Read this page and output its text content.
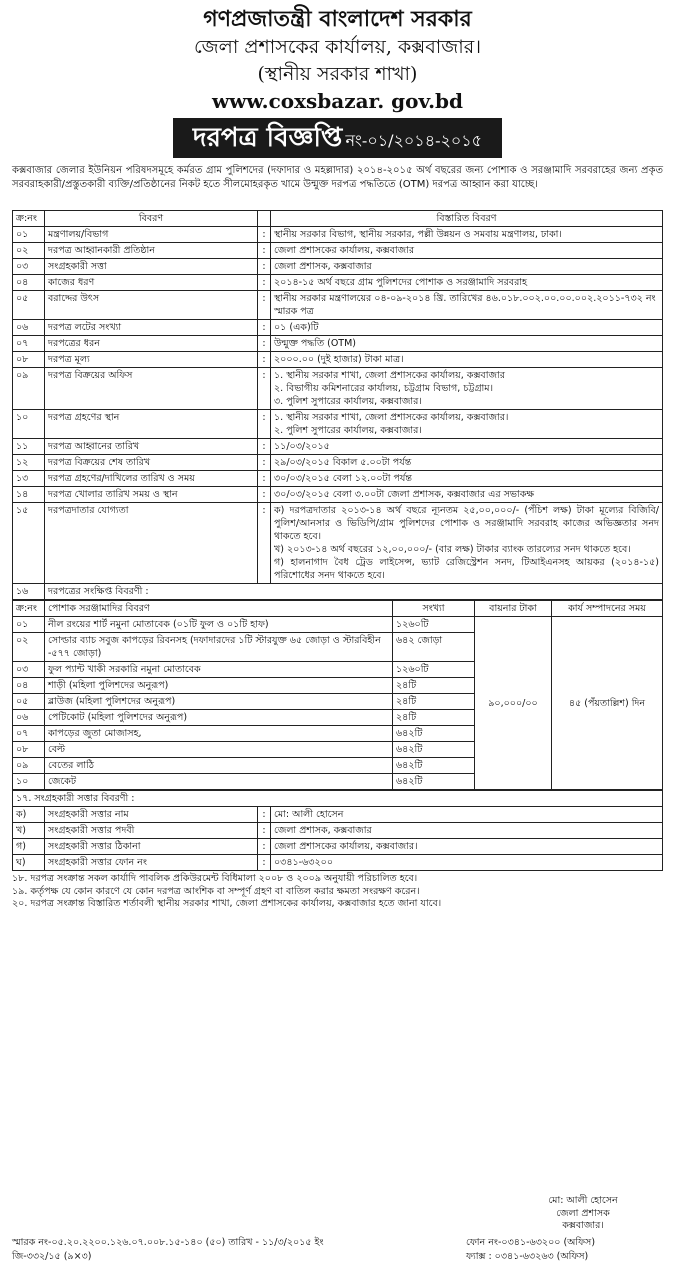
গণপ্রজাতন্ত্রী বাংলাদেশ সরকার
জেলা প্রশাসকের কার্যালয়, কক্সবাজার।
(স্থানীয় সরকার শাখা)
www.coxsbazar. gov.bd
দরপত্র বিজ্ঞপ্তি নং-০১/২০১৪-২০১৫
কক্সবাজার জেলার ইউনিয়ন পরিষদসমূহে কর্মরত গ্রাম পুলিশদের (দফাদার ও মহল্লাদার) ২০১৪-২০১৫ অর্থ বছরের জন্য পোশাক ও সরঞ্জামাদি সরবরাহের জন্য প্রকৃত সরবরাহকারী/প্রস্তুতকারী ব্যক্তি/প্রতিষ্ঠানের নিকট হতে সীলমোহরকৃত খামে উন্মুক্ত দরপত্র পদ্ধতিতে (OTM) দরপত্র আহ্বান করা যাচ্ছে।
ক্র:নং	বিবরণ		বিস্তারিত বিবরণ
০১	মন্ত্রণালয়/বিভাগ	:	স্থানীয় সরকার বিভাগ, স্থানীয় সরকার, পল্লী উন্নয়ন ও সমবায় মন্ত্রণালয়, ঢাকা।
০২	দরপত্র আহ্বানকারী প্রতিষ্ঠান	:	জেলা প্রশাসকের কার্যালয়, কক্সবাজার
০৩	সংগ্রহকারী সত্তা	:	জেলা প্রশাসক, কক্সবাজার
০৪	কাজের ধরণ	:	২০১৪-১৫ অর্থ বছরে গ্রাম পুলিশদের পোশাক ও সরঞ্জামাদি সরবরাহ
০৫	বরাদ্দের উৎস	:	স্থানীয় সরকার মন্ত্রণালয়ের ০৪-০৯-২০১৪ খ্রি. তারিখের ৪৬.০১৮.০০২.০০.০০.০০২.২০১১-৭৩২ নং স্মারক পত্র
০৬	দরপত্র লটের সংখ্যা	:	০১ (এক)টি
০৭	দরপত্রের ধরন	:	উন্মুক্ত পদ্ধতি (OTM)
০৮	দরপত্র মূল্য	:	২০০০.০০ (দুই হাজার) টাকা মাত্র।
০৯	দরপত্র বিক্রয়ের অফিস	:	১. স্থানীয় সরকার শাখা, জেলা প্রশাসকের কার্যালয়, কক্সবাজার
২. বিভাগীয় কমিশনারের কার্যালয়, চট্টগ্রাম বিভাগ, চট্টগ্রাম।
৩. পুলিশ সুপারের কার্যালয়, কক্সবাজার।

১০	দরপত্র গ্রহণের স্থান	:	১. স্থানীয় সরকার শাখা, জেলা প্রশাসকের কার্যালয়, কক্সবাজার।
২. পুলিশ সুপারের কার্যালয়, কক্সবাজার।

১১	দরপত্র আহ্বানের তারিখ	:	১১/০৩/২০১৫
১২	দরপত্র বিক্রয়ের শেষ তারিখ	:	২৯/০৩/২০১৫ বিকাল ৫.০০টা পর্যন্ত
১৩	দরপত্র গ্রহণের/দাখিলের তারিখ ও সময়	:	৩০/০৩/২০১৫ বেলা ১২.০০টা পর্যন্ত
১৪	দরপত্র খোলার তারিখ সময় ও স্থান	:	৩০/০৩/২০১৫ বেলা ৩.০০টা জেলা প্রশাসক, কক্সবাজার এর সভাকক্ষ
১৫	দরপত্রদাতার যোগ্যতা	:	ক) দরপত্রদাতার ২০১৩-১৪ অর্থ বছরে ন্যূনতম ২৫,০০,০০০/- (পঁচিশ লক্ষ) টাকা মূল্যের বিজিবি/পুলিশ/আনসার ও ভিডিপি/গ্রাম পুলিশদের পোশাক ও সরঞ্জামাদি সরবরাহ কাজের অভিজ্ঞতার সনদ থাকতে হবে।
খ) ২০১৩-১৪ অর্থ বছরের ১২,০০,০০০/- (বার লক্ষ) টাকার ব্যাংক তারল্যের সনদ থাকতে হবে।
গ) হালনাগাদ বৈধ ট্রেড লাইসেন্স, ভ্যাট রেজিস্ট্রেশন সনদ, টিআইএনসহ আয়কর (২০১৪-১৫) পরিশোধের সনদ থাকতে হবে।

১৬	দরপত্রের সংক্ষিপ্ত বিবরণী :		
ক্র:নং	পোশাক সরঞ্জামাদির বিবরণ	সংখ্যা	বায়নার টাকা	কার্য সম্পাদনের সময়
০১	নীল রংয়ের শার্ট নমুনা মোতাবেক (০১টি ফুল ও ০১টি হাফ)	১২৬০টি	৯০,০০০/০০	৪৫ (পঁয়তাল্লিশ) দিন
০২	সোল্ডার ব্যাচ সবুজ কাপড়ের রিবনসহ (দফাদারদের ১টি স্টারযুক্ত ৬৫ জোড়া ও স্টারবিহীন -৫৭৭ জোড়া)	৬৪২ জোড়া		
০৩	ফুল প্যান্ট খাকী সরকারি নমুনা মোতাবেক	১২৬০টি		
০৪	শাড়ী (মহিলা পুলিশদের অনুরূপ)	২৪টি		
০৫	ব্লাউজ (মহিলা পুলিশদের অনুরূপ)	২৪টি		
০৬	পেটিকোট (মহিলা পুলিশদের অনুরূপ)	২৪টি		
০৭	কাপড়ের জুতা মোজাসহ,	৬৪২টি		
০৮	বেল্ট	৬৪২টি		
০৯	বেতের লাঠি	৬৪২টি		
১০	জেকেট	৬৪২টি		
১৭. সংগ্রহকারী সত্তার বিবরণী :			
ক)	সংগ্রহকারী সত্তার নাম	:	মো: আলী হোসেন
খ)	সংগ্রহকারী সত্তার পদবী	:	জেলা প্রশাসক, কক্সবাজার
গ)	সংগ্রহকারী সত্তার ঠিকানা	:	জেলা প্রশাসকের কার্যালয়, কক্সবাজার।
ঘ)	সংগ্রহকারী সত্তার ফোন নং	:	০৩৪১-৬৩২০০
১৮. দরপত্র সংক্রান্ত সকল কার্যাদি পাবলিক প্রকিউরমেন্ট বিধিমালা ২০০৮ ও ২০০৯ অনুযায়ী পরিচালিত হবে।
১৯. কর্তৃপক্ষ যে কোন কারণে যে কোন দরপত্র আংশিক বা সম্পূর্ণ গ্রহণ বা বাতিল করার ক্ষমতা সংরক্ষণ করেন।
২০. দরপত্র সংক্রান্ত বিস্তারিত শর্তাবলী স্থানীয় সরকার শাখা, জেলা প্রশাসকের কার্যালয়, কক্সবাজার হতে জানা যাবে।
মো: আলী হোসেন
জেলা প্রশাসক
কক্সবাজার।
স্মারক নং-০৫.২০.২২০০.১২৬.০৭.০০৮.১৫-১৪০ (৫০) তারিখ - ১১/৩/২০১৫ ইং
জি-৩৩২/১৫ (৯×৩)
ফোন নং-০৩৪১-৬৩২০০ (অফিস)
ফ্যাক্স : ০৩৪১-৬৩২৬৩ (অফিস)
